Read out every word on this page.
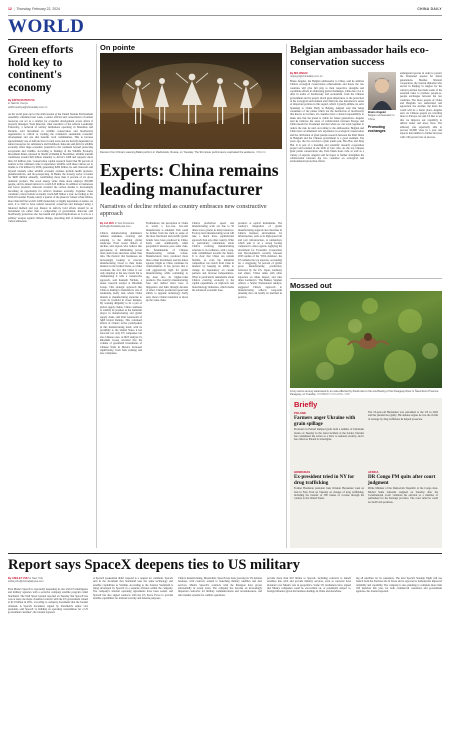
12  |  Thursday, February 22, 2024	CHINA DAILY
WORLD
Green efforts hold key to continent's economy
By EDITH MUTETHYA
in Nairobi, Kenya
edithmutethya@chinadaily.com.cn
As the world gears up for the sixth session of the United Nations Environment Assembly scheduled next week, a senior official said conservation of natural resources can act as a catalyst for economic development across Africa if properly managed. Yoda Innocent, chief executive of the African Leadership University, a network of tertiary institutions operating in Mauritius and Rwanda, said investment in wildlife conservation and biodiversity regeneration is critical to creating the continent's sustainable economic development and one that benefits local communities. This is because approximately one of African lives in rural areas and are heavily dependent on natural resources for subsistence and livelihood. Innocent said Africa's wildlife economy offers huge economic potential to the continent beyond protecting ecosystems and wildlife. According to findings of the Wildlife Economy Investment Index, released in Sharm el-Sheikh in November, wildlife tourism contributes around $29 billion annually to Africa's GDP and supports more than 3.6 million jobs. Conservation capital research found that 80 percent of tourists to the continent come to experience wildlife, with these visitors set to double to 134 million by 2030, generating $260 billion, he said. Innocent said beyond tourism, other wildlife economy avenues include health products, pharmaceuticals, and bio-prospecting. In Benin, the forestry sector accounts for $400 million annually, contributing more than 6 percent of its gross domestic product. The wood energy value chain alone employs 200,000 people, and its annual turnover is worth $13 million. In addition to businesses and forest products, Innocent revealed the carbon market is increasingly becoming an opportunity for Africa's business economy. Together, these constitute a more holistic economy worth $28 billion a year. According to the World Economic Forum, nearly a quarter of the planet is valued at $44 trillion, more than half the world's GDP, moderately or highly dependent on nature. As such, it is vital to have natural resources conserved and managed using a balanced method and pay finance in Africa's bold efforts should be an investment tax rather than a compromise of government. Innocent said biodiversity protection also has health and global implications as it acts as a primary weapon against climate change, absorbing half of human-generated carbon emissions.
On pointe
Dancers from China's Liaoning Ballet perform in Vladivostok, Russia, on Tuesday. The 90-minute performance captivated the audience. XINHUA
Experts: China remains leading manufacturer
Narratives of decline refuted as country embraces new constructive approach
By LIA ZHU in San Francisco
liazhu@chinadailyusa.com
China's manufacturing dominance remains unshaken, evolving and adapting to the shifting global landscape. Even recent rumors of decline, said experts who believe that perceptions of diminishing power often stem from anecdotes rather than data. The rhetoric that businesses are increasingly looking to relocate manufacturing closer to their home markets in the United States, as China overlooks the fact that China is not only adapting to the new trends but is championing it with a constructive approach, said Kenneth Nichols, a senior research analyst at Rhodium Group. This strategic approach that China is making to maintain its role of leadership, Kelly said, where China intends to manufacturing expertise to create its foothold in closer markets. By working diligently to be a part of global supply chains, China continues to solidify its position as the dominant player in manufacturing and global supply chain, said Paul Gruenwald of S&P Global Ratings. This continued efforts of China's active participation in this manufacturing trend, with its proximity to the United States it has attracted not only US companies but also Chinese ones. A 2023 analysis by Rhodium Group revealed that the volume of greenfield investments of Chinese firms in Mexico increased significantly, from both existing and new companies.
Furthermore, the perception of China as solely a low-cost, low-end manufacturer is outdated. This could be further from the truth as some of the most functional and prolific global brands have been produced in China, Kelly said. Additionally, while geopolitical tensions pose some risks, the fundamentals of Chinese manufacturing remain robust. Manufacturers have produced more than a smart investment, and the future appears bright as China continues its transformation. It has proven that it will aggressively fight for global manufacturing, while continuing to dig deep into its higher-value products. The country's manufacturing base and skilled labor base is impressive and built through decades of effort. China's production speed and ability to upgrade technology, Kelly said, shows China's intention to move up the value chain.
China's production speed and manufacturing scale are due to 50 times lower greater in many instances. Factory-level manufacturing work will take a much more sophisticated approach than any other country. What is particularly remarkable about China's evolving manufacturing structure is its resilience, with a long-term commitment towards the future. It is clear that China can remain flexible, as even the industrial competition can switch from value in markets by keeping its ability to change its dependency on certain partners and increase independence. What is particularly remarkable about China's evolving economy is the capital expenditure on high-tech and biotechnology industries, which marks the advanced economic base.
products or optical instruments. The country's integration of global manufacturing supports also theorizes in China's business environment. Its infrastructure, such as its high-speed rail and port infrastructure, is unmatched, which puts it on a strong footing compared to other regions. Applying the investment for Economic Cooperation and Development's recently released 2023 update of the 'TiVA database', the US remains the top exporter, accounting for a staggering 34 percent of global gross manufacturing production, followed by the US, Japan, Germany and others. 'China ranks with other exporters on times impact, and nine times Germany's.' The Banker, Stephen Abbott, a Senior Professional Analyst, suggested China's approach to manufacturing reflects long-term planning that can hardly be matched in practice.
Belgian ambassador hails eco-conservation success
By MO JINGXI
mojingxi@chinadaily.com.cn
Bruno Angelet, the Belgian ambassador to China, said he admires China's ecological conservation achievements and hopes the two countries will give full play to their respective strengths and coordinate efforts in addressing global challenges. China has a lot to offer in terms of biodiversity and ecotourism, from the Chinese government and its people attach great importance to the protection of the ecological environment and China has also introduced a series of important policies in this regard, which I greatly admire, he said. Speaking to China Daily in Beijing, Angelet said that being consumers of the planet which are the destruction of biodiversity that knows no borders, all countries have a shared responsibility to make sure that the planet is viable for future generations. Angelet said he believes the areas of collaboration between Europe and China should be broadened and that when we can work together to reduce the risk, he said. According to the ambassador, Belgian and China have accumulated rich experience in ecological conservation and the cultivation of giant pandas research between the Pairi Daiza in Belgium and the Chinese government is a good example. Ten years ago, the two received a giant panda pair, Hao Hao and Xing Hui. It is part of a breeding and scientific research cooperation project and resulted in the birth of four cubs. As the top Chinese giant panda conservation site, Pairi Daiza hosts cubs as well as a variety of experts. Angelet said he hopes to further strengthen the collaboration between the two countries on ecological and environmental protection efforts.
Bruno Angelet
Belgian ambassador to China
endangered species in order to protect the threatened species for future generations. Besides bilateral cooperation, the veteran diplomat who served in Beijing in August for the current position has made some of his essential tasks to promote people-to-people exchanges between the two countries. The more people of China and Belgium can understand and appreciate one another, the more the world will be a better place, Angelet said. As Chinese people are traveling more to Europe, he said, I'd like to see that we improve our capability to deliver better and more visas. The embassy was reportedly able to process 60,000 visas in a year and expects that number to further increase with a 90 percent rate of success.
Promoting exchanges
Mossed out
A boy swims among waterweed in an area affected by floods due to the overflowing of the Paraguay River in Ñeembucú Province, Paraguay, on Tuesday. NORBERTO DUARTE / AFP
Briefly
POLAND
Farmers anger Ukraine with grain spillage
Protesters in Poland dumped grain from a number of Ukrainian trucks on Tuesday in the latest incident at the border. Ukraine has condemned the action as a blow to national security, and it has called on Poland to investigate.
HONDURAS
Ex-president tried in NY for drug trafficking
Former Honduran president Juan Orlando Hernandez went on trial in New York on Tuesday on charges of drug trafficking, including the transfer of 500 tonnes of cocaine through his country to the United States.
The 55-year-old Hernandez was extradited to the US in 2022 and has pleaded not guilty. His defense argues he was the victim of revenge by drug traffickers he helped prosecute.
AFRICA
DR Congo PM quits after court judgment
Prime Minister of the Democratic Republic of the Congo Jean-Michel Sama Lukonde resigned on Tuesday after the Constitutional Court validated his election as a member of parliament for the Katanga province. The court ruled he could not hold both positions.
Report says SpaceX deepens ties to US military
By ASHLEY ZHU in New York
ashleyzhu@chinadailyusa.com
Elon Musk's SpaceX is reportedly deepening its ties with US intelligence and military agencies with a secretive company satellite program called Starshield. The Wall Street Journal reported on Tuesday that SpaceX has won at least one major classified contract with the US government valued at $1.8 billion in 2021, according to company documents that the Journal obtained. A SpaceX document, signed by Starshield's senior vice president, said SpaceX 'is building an operating constellation for a US government customer', the Journal reported.
A SpaceX spokesman didn't respond to a request for comment. SpaceX said in the document that Starshield uses the same technology and satellite capabilities as Starlink. According to the Journal, Starshield is being developed by SpaceX in a separate division within the company. The company's internal operating agreements have been sealed, and SpaceX has also signed contracts with the US Space Force to provide satellite capabilities for national security and defense purposes.
China's manufacturing. Meanwhile, SpaceX has been growing its US defense business, with contracts related to launching military satellites and data services. Musk's SpaceX's contracts with the Pentagon have grown substantially in recent years. The company has become an increasingly important contractor for military communications and reconnaissance, and data transfer systems for combat operations.
provide more than $10 billion to SpaceX, including contracts to launch satellites into orbit and provide military services, even as concerns have mounted over Musk's role in geopolitics. Some US lawmakers have argued that Musk's companies could be over-reliant on, or potentially subject to, foreign influence given his business dealings in China and elsewhere.
ing all satellites for its customers. The next SpaceX Starship flight will use launch from the Starbase site in Texas and is expected to demonstrate improved reliability and capability. The company is also planning to complete more than 100 launches this year, for both commercial customers and government agencies, the Journal reported.
